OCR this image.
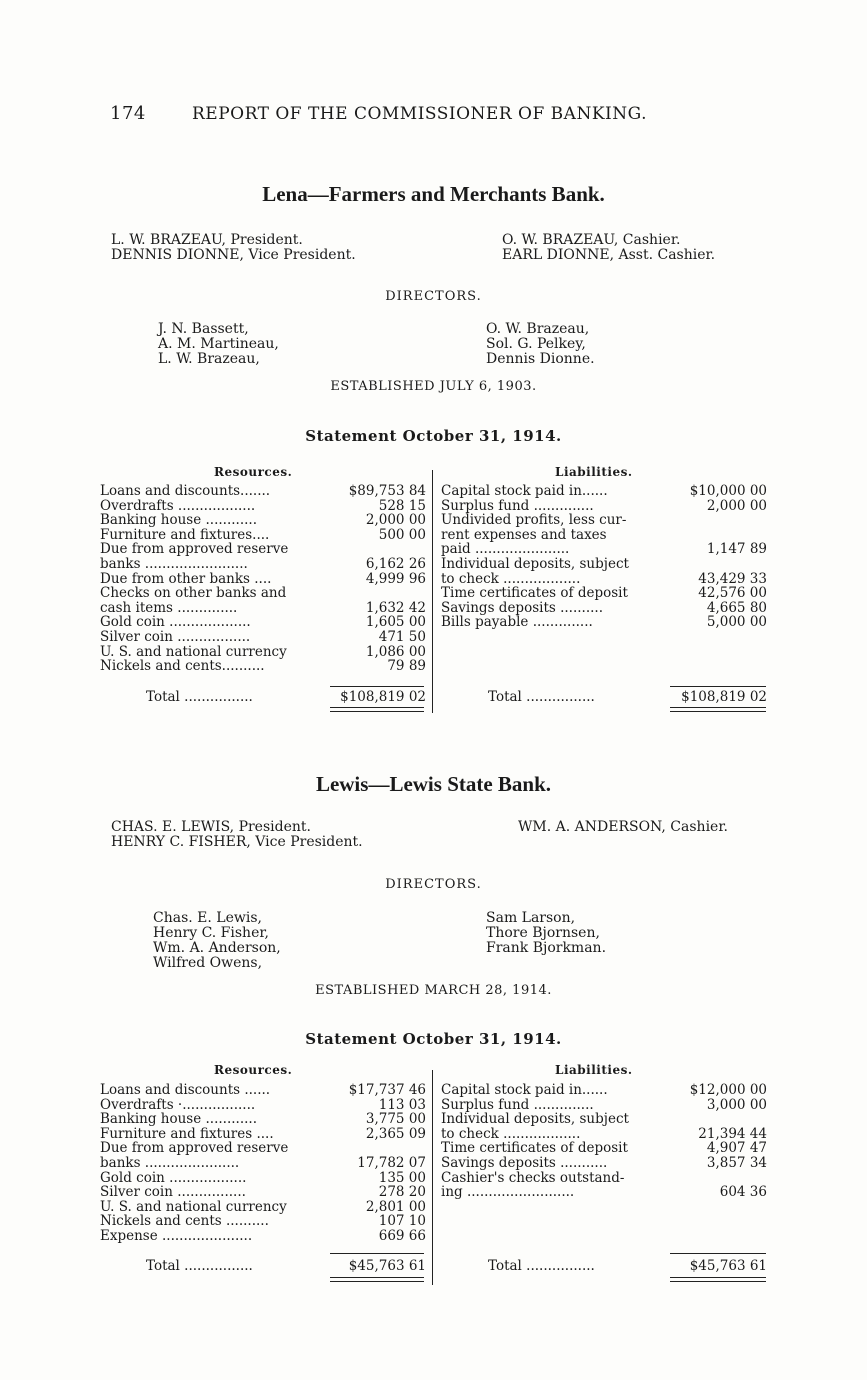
174	REPORT OF THE COMMISSIONER OF BANKING.
Lena—Farmers and Merchants Bank.
L. W. BRAZEAU, President.
DENNIS DIONNE, Vice President.
O. W. BRAZEAU, Cashier.
EARL DIONNE, Asst. Cashier.
DIRECTORS.
J. N. Bassett,
A. M. Martineau,
L. W. Brazeau,
O. W. Brazeau,
Sol. G. Pelkey,
Dennis Dionne.
ESTABLISHED JULY 6, 1903.
Statement October 31, 1914.
Resources.	Liabilities.
Loans and discounts.......	$89,753 84
Overdrafts ..................	528 15
Banking house ............	2,000 00
Furniture and fixtures....	500 00
Due from approved reserve
banks ........................	6,162 26
Due from other banks ....	4,999 96
Checks on other banks and
cash items ..............	1,632 42
Gold coin ...................	1,605 00
Silver coin .................	471 50
U. S. and national currency	1,086 00
Nickels and cents..........	79 89
Capital stock paid in......	$10,000 00
Surplus fund ..............	2,000 00
Undivided profits, less cur-
rent expenses and taxes
paid ......................	1,147 89
Individual deposits, subject
to check ..................	43,429 33
Time certificates of deposit	42,576 00
Savings deposits ..........	4,665 80
Bills payable ..............	5,000 00
Total ................	$108,819 02	Total ................	$108,819 02
Lewis—Lewis State Bank.
CHAS. E. LEWIS, President.
HENRY C. FISHER, Vice President.
WM. A. ANDERSON, Cashier.
DIRECTORS.
Chas. E. Lewis,
Henry C. Fisher,
Wm. A. Anderson,
Wilfred Owens,
Sam Larson,
Thore Bjornsen,
Frank Bjorkman.
ESTABLISHED MARCH 28, 1914.
Statement October 31, 1914.
Resources.	Liabilities.
Loans and discounts ......	$17,737 46
Overdrafts ·.................	113 03
Banking house ............	3,775 00
Furniture and fixtures ....	2,365 09
Due from approved reserve
banks ......................	17,782 07
Gold coin ..................	135 00
Silver coin ................	278 20
U. S. and national currency	2,801 00
Nickels and cents ..........	107 10
Expense .....................	669 66
Capital stock paid in......	$12,000 00
Surplus fund ..............	3,000 00
Individual deposits, subject
to check ..................	21,394 44
Time certificates of deposit	4,907 47
Savings deposits ...........	3,857 34
Cashier's checks outstand-
ing .........................	604 36
Total ................	$45,763 61	Total ................	$45,763 61
